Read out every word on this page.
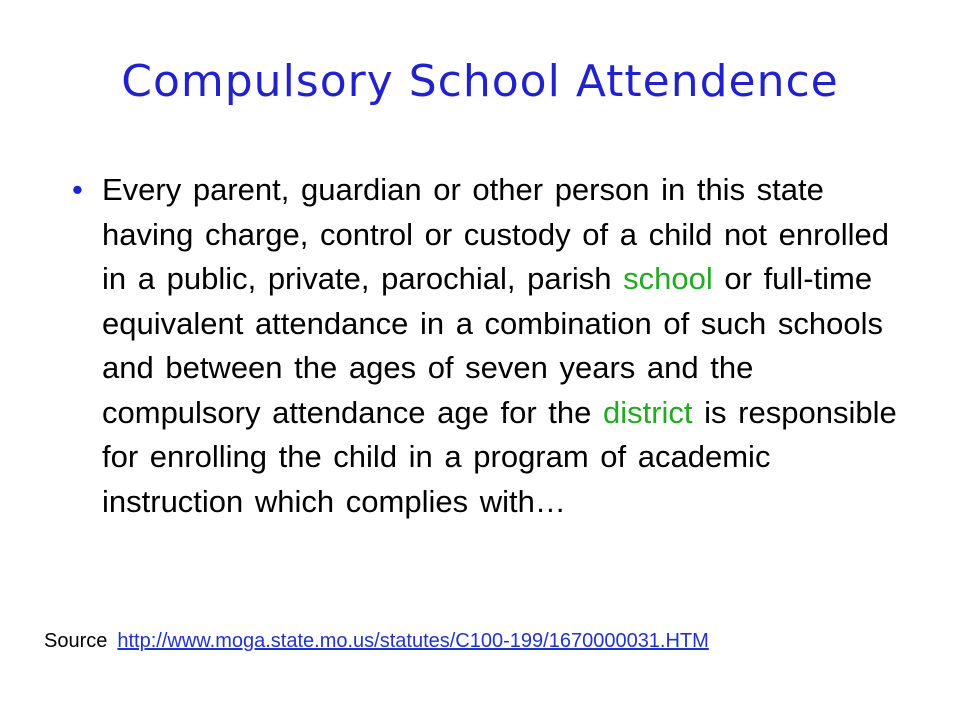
Compulsory School Attendence
• Every parent, guardian or other person in this state having charge, control or custody of a child not enrolled in a public, private, parochial, parish school or full-time equivalent attendance in a combination of such schools and between the ages of seven years and the compulsory attendance age for the district is responsible for enrolling the child in a program of academic instruction which complies with…
Source http://www.moga.state.mo.us/statutes/C100-199/1670000031.HTM
